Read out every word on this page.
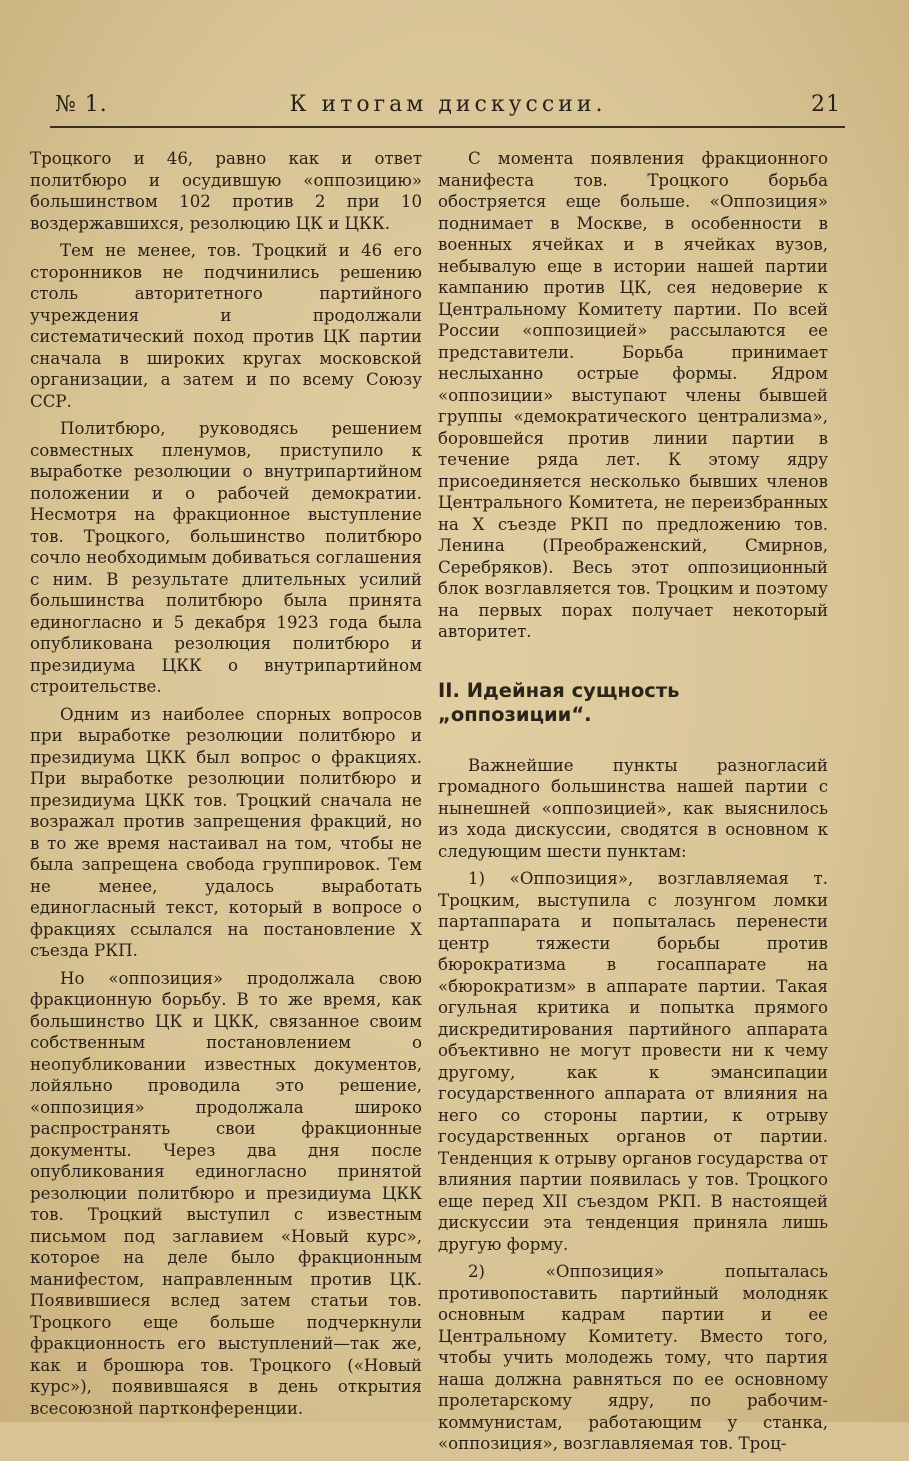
№ 1.	К итогам дискуссии.	21

Троцкого и 46, равно как и ответ политбюро и осудившую «оппозицию» большинством 102 против 2 при 10 воздержавшихся, резолюцию ЦК и ЦКК.

Тем не менее, тов. Троцкий и 46 его сторонников не подчинились решению столь авторитетного партийного учреждения и продолжали систематический поход против ЦК партии сначала в широких кругах московской организации, а затем и по всему Союзу ССР.

Политбюро, руководясь решением совместных пленумов, приступило к выработке резолюции о внутрипартийном положении и о рабочей демократии. Несмотря на фракционное выступление тов. Троцкого, большинство политбюро сочло необходимым добиваться соглашения с ним. В результате длительных усилий большинства политбюро была принята единогласно и 5 декабря 1923 года была опубликована резолюция политбюро и президиума ЦКК о внутрипартийном строительстве.

Одним из наиболее спорных вопросов при выработке резолюции политбюро и президиума ЦКК был вопрос о фракциях. При выработке резолюции политбюро и президиума ЦКК тов. Троцкий сначала не возражал против запрещения фракций, но в то же время настаивал на том, чтобы не была запрещена свобода группировок. Тем не менее, удалось выработать единогласный текст, который в вопросе о фракциях ссылался на постановление X съезда РКП.

Но «оппозиция» продолжала свою фракционную борьбу. В то же время, как большинство ЦК и ЦКК, связанное своим собственным постановлением о неопубликовании известных документов, лойяльно проводила это решение, «оппозиция» продолжала широко распространять свои фракционные документы. Через два дня после опубликования единогласно принятой резолюции политбюро и президиума ЦКК тов. Троцкий выступил с известным письмом под заглавием «Новый курс», которое на деле было фракционным манифестом, направленным против ЦК. Появившиеся вслед затем статьи тов. Троцкого еще больше подчеркнули фракционность его выступлений—так же, как и брошюра тов. Троцкого («Новый курс»), появившаяся в день открытия всесоюзной партконференции.

С момента появления фракционного манифеста тов. Троцкого борьба обостряется еще больше. «Оппозиция» поднимает в Москве, в особенности в военных ячейках и в ячейках вузов, небывалую еще в истории нашей партии кампанию против ЦК, сея недоверие к Центральному Комитету партии. По всей России «оппозицией» рассылаются ее представители. Борьба принимает неслыханно острые формы. Ядром «оппозиции» выступают члены бывшей группы «демократического централизма», боровшейся против линии партии в течение ряда лет. К этому ядру присоединяется несколько бывших членов Центрального Комитета, не переизбранных на X съезде РКП по предложению тов. Ленина (Преображенский, Смирнов, Серебряков). Весь этот оппозиционный блок возглавляется тов. Троцким и поэтому на первых порах получает некоторый авторитет.

II. Идейная сущность „оппозиции“.

Важнейшие пункты разногласий громадного большинства нашей партии с нынешней «оппозицией», как выяснилось из хода дискуссии, сводятся в основном к следующим шести пунктам:

1) «Оппозиция», возглавляемая т. Троцким, выступила с лозунгом ломки партаппарата и попыталась перенести центр тяжести борьбы против бюрократизма в госаппарате на «бюрократизм» в аппарате партии. Такая огульная критика и попытка прямого дискредитирования партийного аппарата объективно не могут провести ни к чему другому, как к эмансипации государственного аппарата от влияния на него со стороны партии, к отрыву государственных органов от партии. Тенденция к отрыву органов государства от влияния партии появилась у тов. Троцкого еще перед XII съездом РКП. В настоящей дискуссии эта тенденция приняла лишь другую форму.

2) «Оппозиция» попыталась противопоставить партийный молодняк основным кадрам партии и ее Центральному Комитету. Вместо того, чтобы учить молодежь тому, что партия наша должна равняться по ее основному пролетарскому ядру, по рабочим-коммунистам, работающим у станка, «оппозиция», возглавляемая тов. Троц-
